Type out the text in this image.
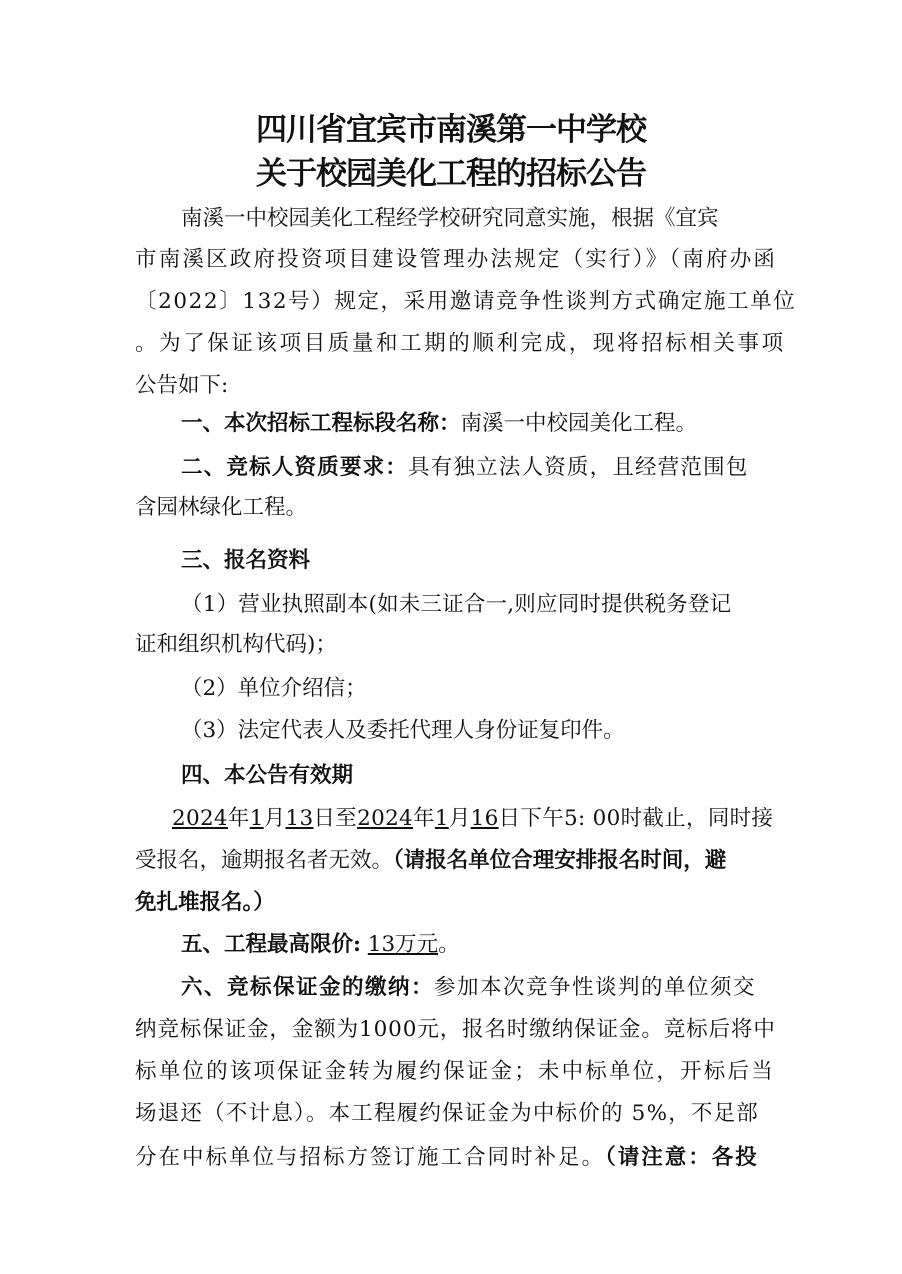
四川省宜宾市南溪第一中学校
关于校园美化工程的招标公告
南溪一中校园美化工程经学校研究同意实施，根据《宜宾
市南溪区政府投资项目建设管理办法规定（实行）》（南府办函
〔2022〕132号）规定，采用邀请竞争性谈判方式确定施工单位
。为了保证该项目质量和工期的顺利完成，现将招标相关事项
公告如下:
一、本次招标工程标段名称：南溪一中校园美化工程。
二、竞标人资质要求：具有独立法人资质，且经营范围包
含园林绿化工程。
三、报名资料
（1）营业执照副本(如未三证合一,则应同时提供税务登记
证和组织机构代码)；
（2）单位介绍信；
（3）法定代表人及委托代理人身份证复印件。
四、本公告有效期
2024年1月13日至2024年1月16日下午5: 00时截止，同时接
受报名，逾期报名者无效。（请报名单位合理安排报名时间，避
免扎堆报名。）
五、工程最高限价: 13万元。
六、竞标保证金的缴纳：参加本次竞争性谈判的单位须交
纳竞标保证金，金额为1000元，报名时缴纳保证金。竞标后将中
标单位的该项保证金转为履约保证金；未中标单位，开标后当
场退还（不计息）。本工程履约保证金为中标价的 5%，不足部
分在中标单位与招标方签订施工合同时补足。（请注意：各投
